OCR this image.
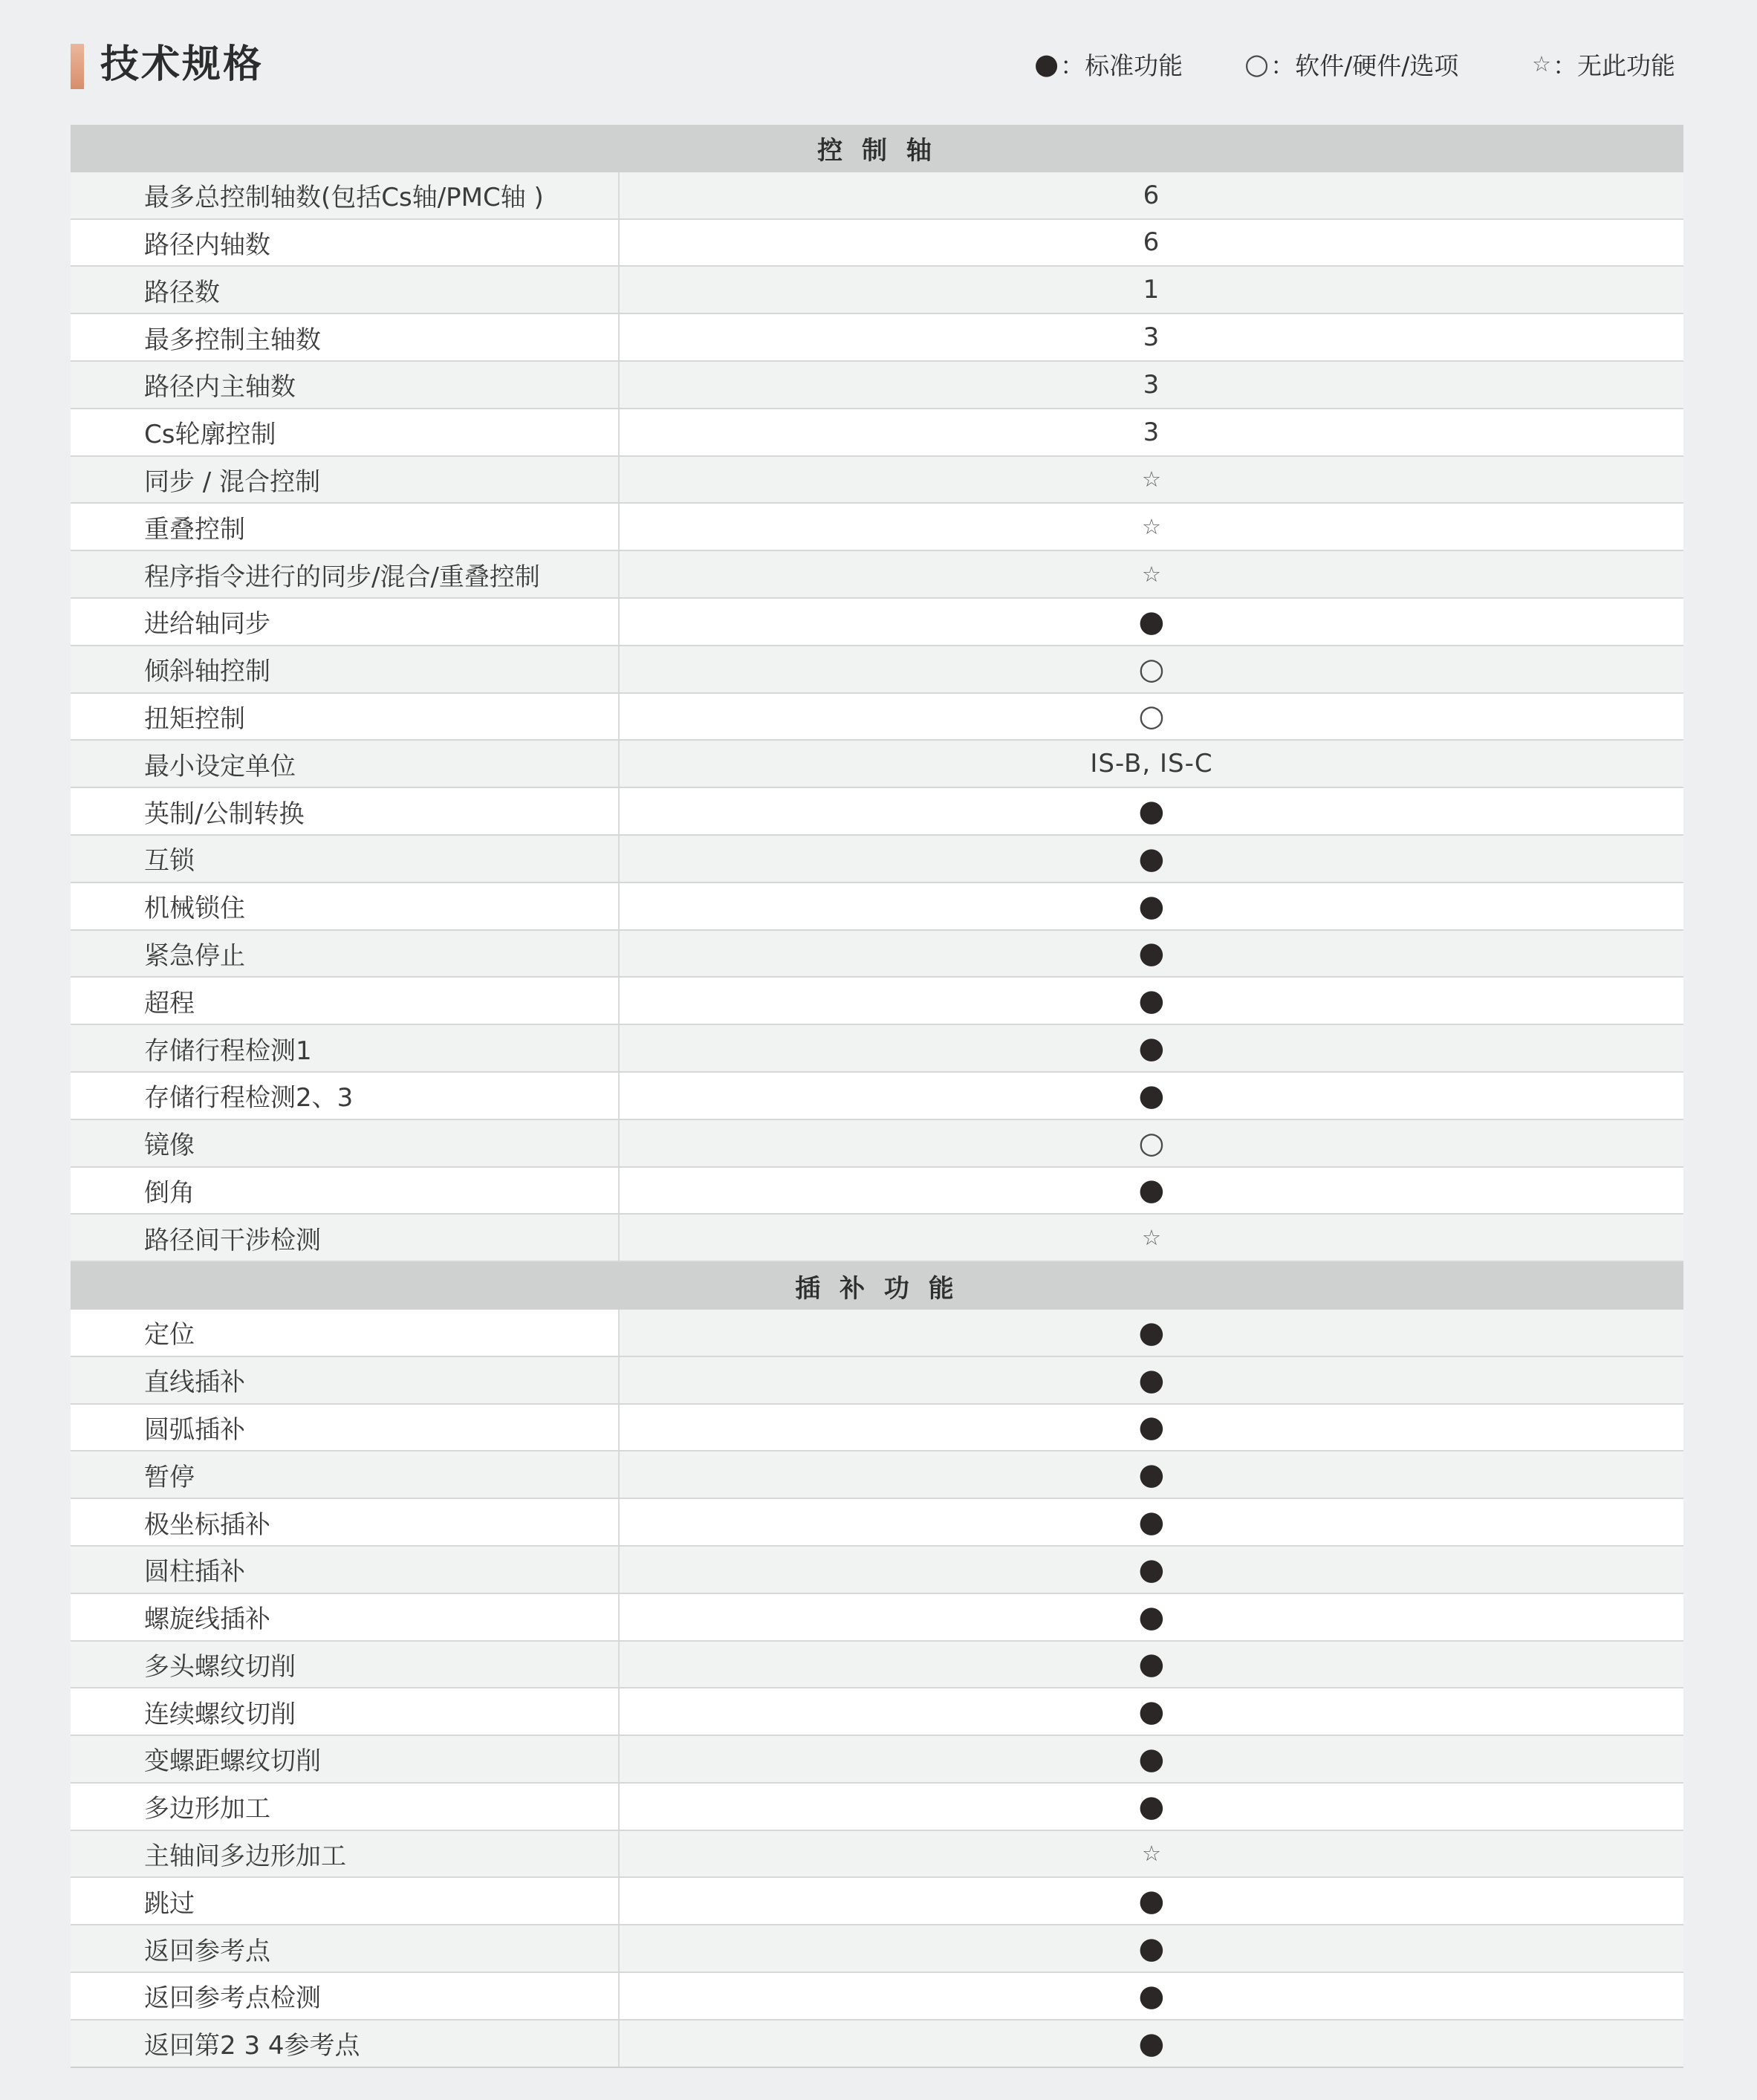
技术规格	● ：标准功能 ○ ：软件/硬件/选项	☆ ：无此功能
控 制 轴
最多总控制轴数(包括Cs轴/PMC轴 )	6
路径内轴数	6
路径数	1
最多控制主轴数	3
路径内主轴数	3
Cs轮廓控制	3
同步 / 混合控制	☆
重叠控制	☆
程序指令进行的同步/混合/重叠控制	☆
进给轴同步	●
倾斜轴控制	○
扭矩控制	○
最小设定单位	IS-B, IS-C
英制/公制转换	●
互锁	●
机械锁住	●
紧急停止	●
超程	●
存储行程检测1	●
存储行程检测2、3	●
镜像	○
倒角	●
路径间干涉检测	☆
插 补 功 能
定位	●
直线插补	●
圆弧插补	●
暂停	●
极坐标插补	●
圆柱插补	●
螺旋线插补	●
多头螺纹切削	●
连续螺纹切削	●
变螺距螺纹切削	●
多边形加工	●
主轴间多边形加工	☆
跳过	●
返回参考点	●
返回参考点检测	●
返回第2 3 4参考点	●
